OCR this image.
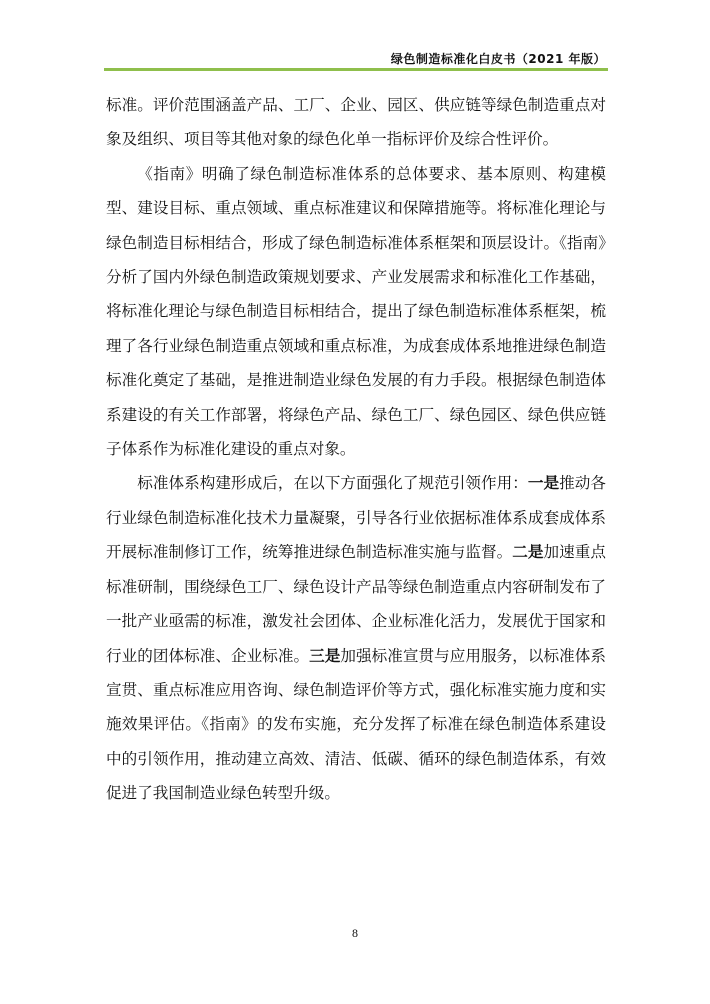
绿色制造标准化白皮书（2021 年版）

标准。评价范围涵盖产品、工厂、企业、园区、供应链等绿色制造重点对象及组织、项目等其他对象的绿色化单一指标评价及综合性评价。

《指南》明确了绿色制造标准体系的总体要求、基本原则、构建模型、建设目标、重点领域、重点标准建议和保障措施等。将标准化理论与绿色制造目标相结合，形成了绿色制造标准体系框架和顶层设计。《指南》分析了国内外绿色制造政策规划要求、产业发展需求和标准化工作基础，将标准化理论与绿色制造目标相结合，提出了绿色制造标准体系框架，梳理了各行业绿色制造重点领域和重点标准，为成套成体系地推进绿色制造标准化奠定了基础，是推进制造业绿色发展的有力手段。根据绿色制造体系建设的有关工作部署，将绿色产品、绿色工厂、绿色园区、绿色供应链子体系作为标准化建设的重点对象。

标准体系构建形成后，在以下方面强化了规范引领作用：一是推动各行业绿色制造标准化技术力量凝聚，引导各行业依据标准体系成套成体系开展标准制修订工作，统筹推进绿色制造标准实施与监督。二是加速重点标准研制，围绕绿色工厂、绿色设计产品等绿色制造重点内容研制发布了一批产业亟需的标准，激发社会团体、企业标准化活力，发展优于国家和行业的团体标准、企业标准。三是加强标准宣贯与应用服务，以标准体系宣贯、重点标准应用咨询、绿色制造评价等方式，强化标准实施力度和实施效果评估。《指南》的发布实施，充分发挥了标准在绿色制造体系建设中的引领作用，推动建立高效、清洁、低碳、循环的绿色制造体系，有效促进了我国制造业绿色转型升级。

8
